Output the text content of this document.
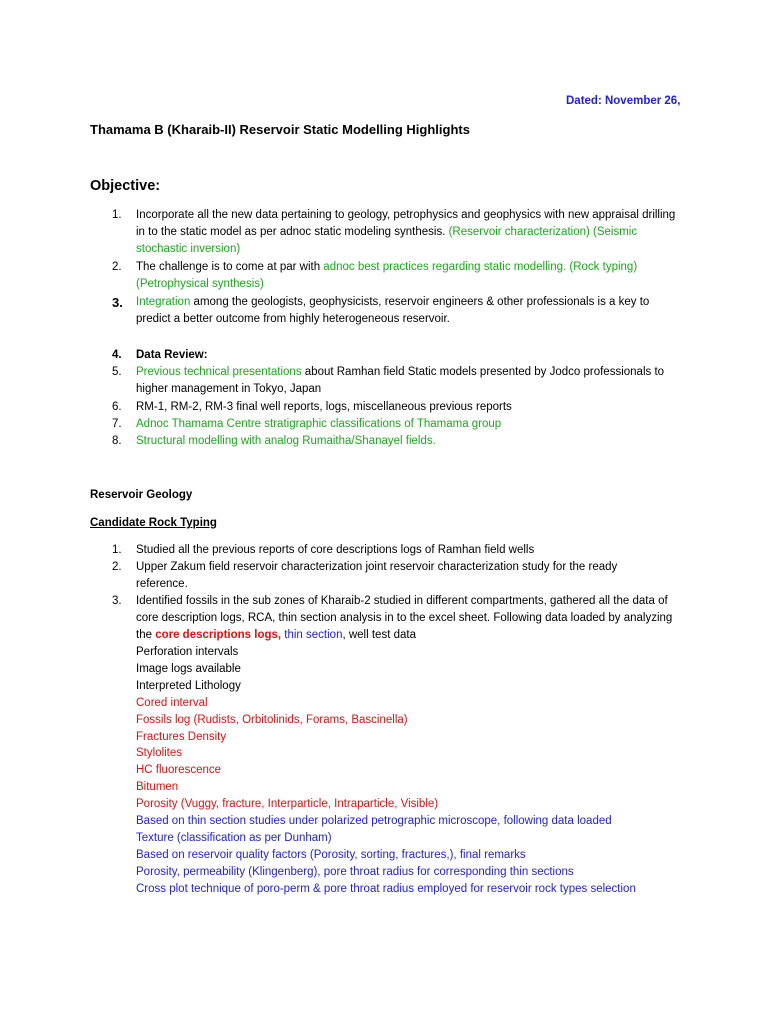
Dated: November 26,
Thamama B (Kharaib-II) Reservoir Static Modelling Highlights
Objective:
1.	Incorporate all the new data pertaining to geology, petrophysics and geophysics with new appraisal drilling in to the static model as per adnoc static modeling synthesis. (Reservoir characterization) (Seismic stochastic inversion)
2.	The challenge is to come at par with adnoc best practices regarding static modelling. (Rock typing) (Petrophysical synthesis)
3.	Integration among the geologists, geophysicists, reservoir engineers & other professionals is a key to predict a better outcome from highly heterogeneous reservoir.
4.	Data Review:
5.	Previous technical presentations about Ramhan field Static models presented by Jodco professionals to higher management in Tokyo, Japan
6.	RM-1, RM-2, RM-3 final well reports, logs, miscellaneous previous reports
7.	Adnoc Thamama Centre stratigraphic classifications of Thamama group
8.	Structural modelling with analog Rumaitha/Shanayel fields.
Reservoir Geology
Candidate Rock Typing
1.	Studied all the previous reports of core descriptions logs of Ramhan field wells
2.	Upper Zakum field reservoir characterization joint reservoir characterization study for the ready reference.
3.	Identified fossils in the sub zones of Kharaib-2 studied in different compartments, gathered all the data of core description logs, RCA, thin section analysis in to the excel sheet. Following data loaded by analyzing the core descriptions logs, thin section, well test data
Perforation intervals
Image logs available
Interpreted Lithology
Cored interval
Fossils log (Rudists, Orbitolinids, Forams, Bascinella)
Fractures Density
Stylolites
HC fluorescence
Bitumen
Porosity (Vuggy, fracture, Interparticle, Intraparticle, Visible)
Based on thin section studies under polarized petrographic microscope, following data loaded
Texture (classification as per Dunham)
Based on reservoir quality factors (Porosity, sorting, fractures,), final remarks
Porosity, permeability (Klingenberg), pore throat radius for corresponding thin sections
Cross plot technique of poro-perm & pore throat radius employed for reservoir rock types selection
